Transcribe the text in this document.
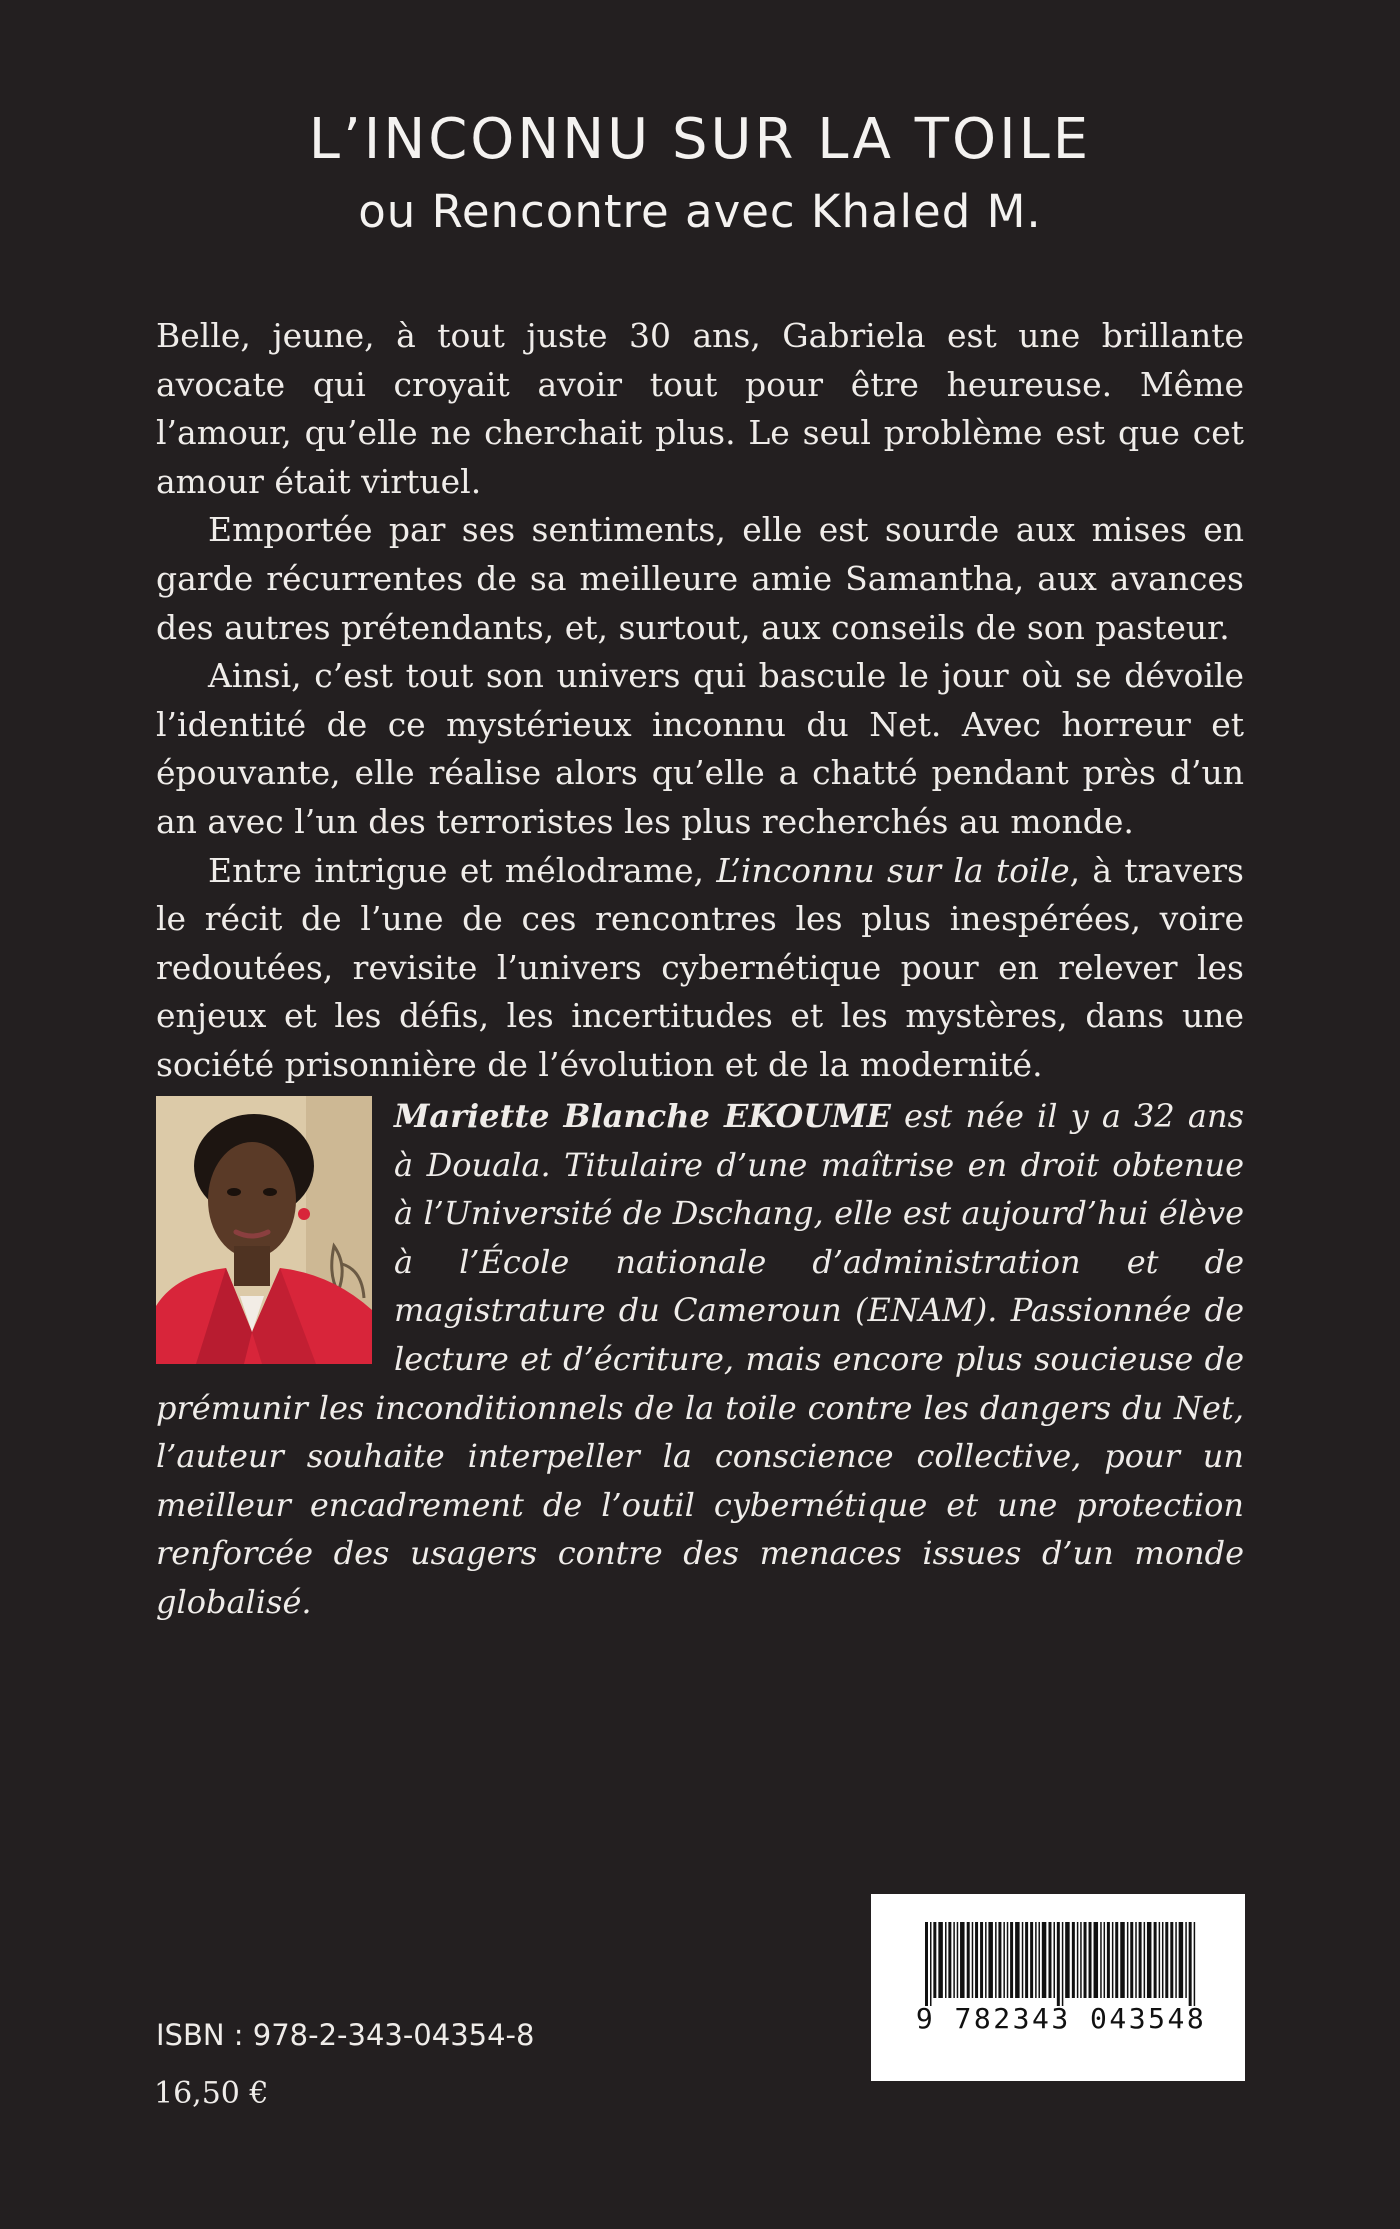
L’INCONNU SUR LA TOILE
ou Rencontre avec Khaled M.

Belle, jeune, à tout juste 30 ans, Gabriela est une brillante avocate qui croyait avoir tout pour être heureuse. Même l’amour, qu’elle ne cherchait plus. Le seul problème est que cet amour était virtuel.

Emportée par ses sentiments, elle est sourde aux mises en garde récurrentes de sa meilleure amie Samantha, aux avances des autres prétendants, et, surtout, aux conseils de son pasteur.

Ainsi, c’est tout son univers qui bascule le jour où se dévoile l’identité de ce mystérieux inconnu du Net. Avec horreur et épouvante, elle réalise alors qu’elle a chatté pendant près d’un an avec l’un des terroristes les plus recherchés au monde.

Entre intrigue et mélodrame, L’inconnu sur la toile, à travers le récit de l’une de ces rencontres les plus inespérées, voire redoutées, revisite l’univers cybernétique pour en relever les enjeux et les défis, les incertitudes et les mystères, dans une société prisonnière de l’évolution et de la modernité.

Mariette Blanche EKOUME est née il y a 32 ans à Douala. Titulaire d’une maîtrise en droit obtenue à l’Université de Dschang, elle est aujourd’hui élève à l’École nationale d’administration et de magistrature du Cameroun (ENAM). Passionnée de lecture et d’écriture, mais encore plus soucieuse de prémunir les inconditionnels de la toile contre les dangers du Net, l’auteur souhaite interpeller la conscience collective, pour un meilleur encadrement de l’outil cybernétique et une protection renforcée des usagers contre des menaces issues d’un monde globalisé.
9 782343 043548
ISBN : 978-2-343-04354-8
16,50 €
